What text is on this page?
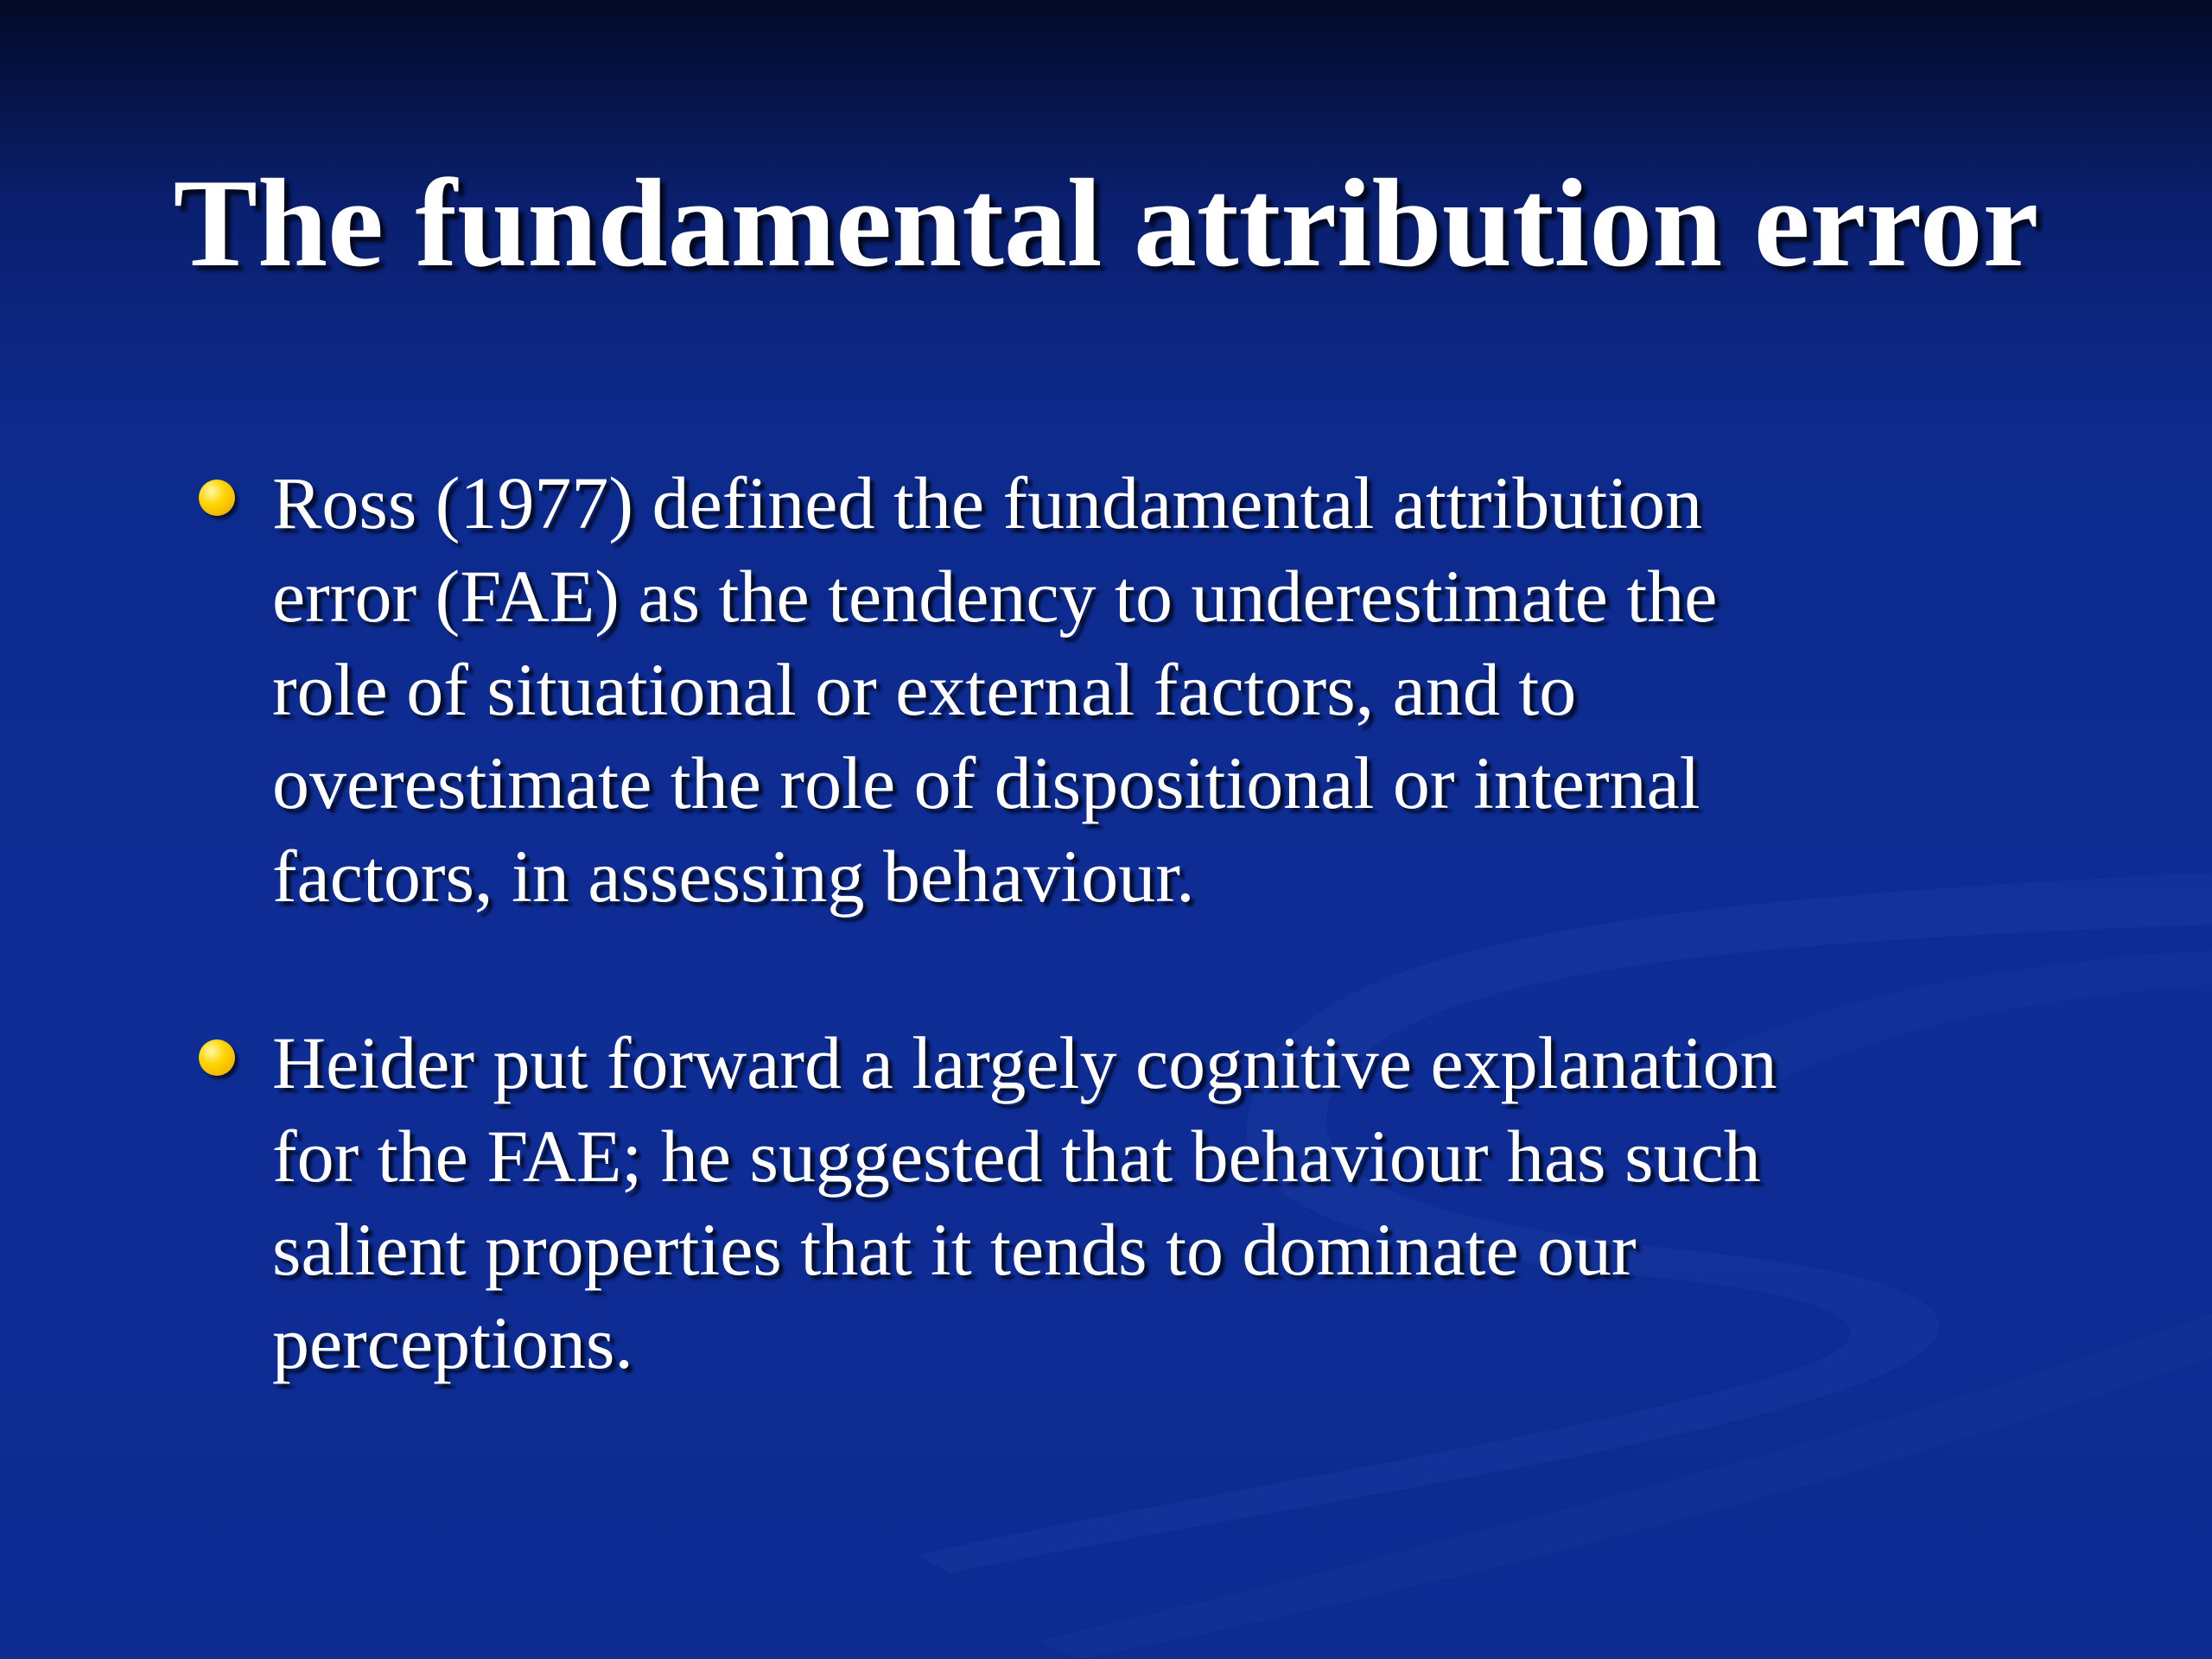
The fundamental attribution error
Ross (1977) defined the fundamental attribution
error (FAE) as the tendency to underestimate the
role of situational or external factors, and to
overestimate the role of dispositional or internal
factors, in assessing behaviour.
Heider put forward a largely cognitive explanation
for the FAE; he suggested that behaviour has such
salient properties that it tends to dominate our
perceptions.
